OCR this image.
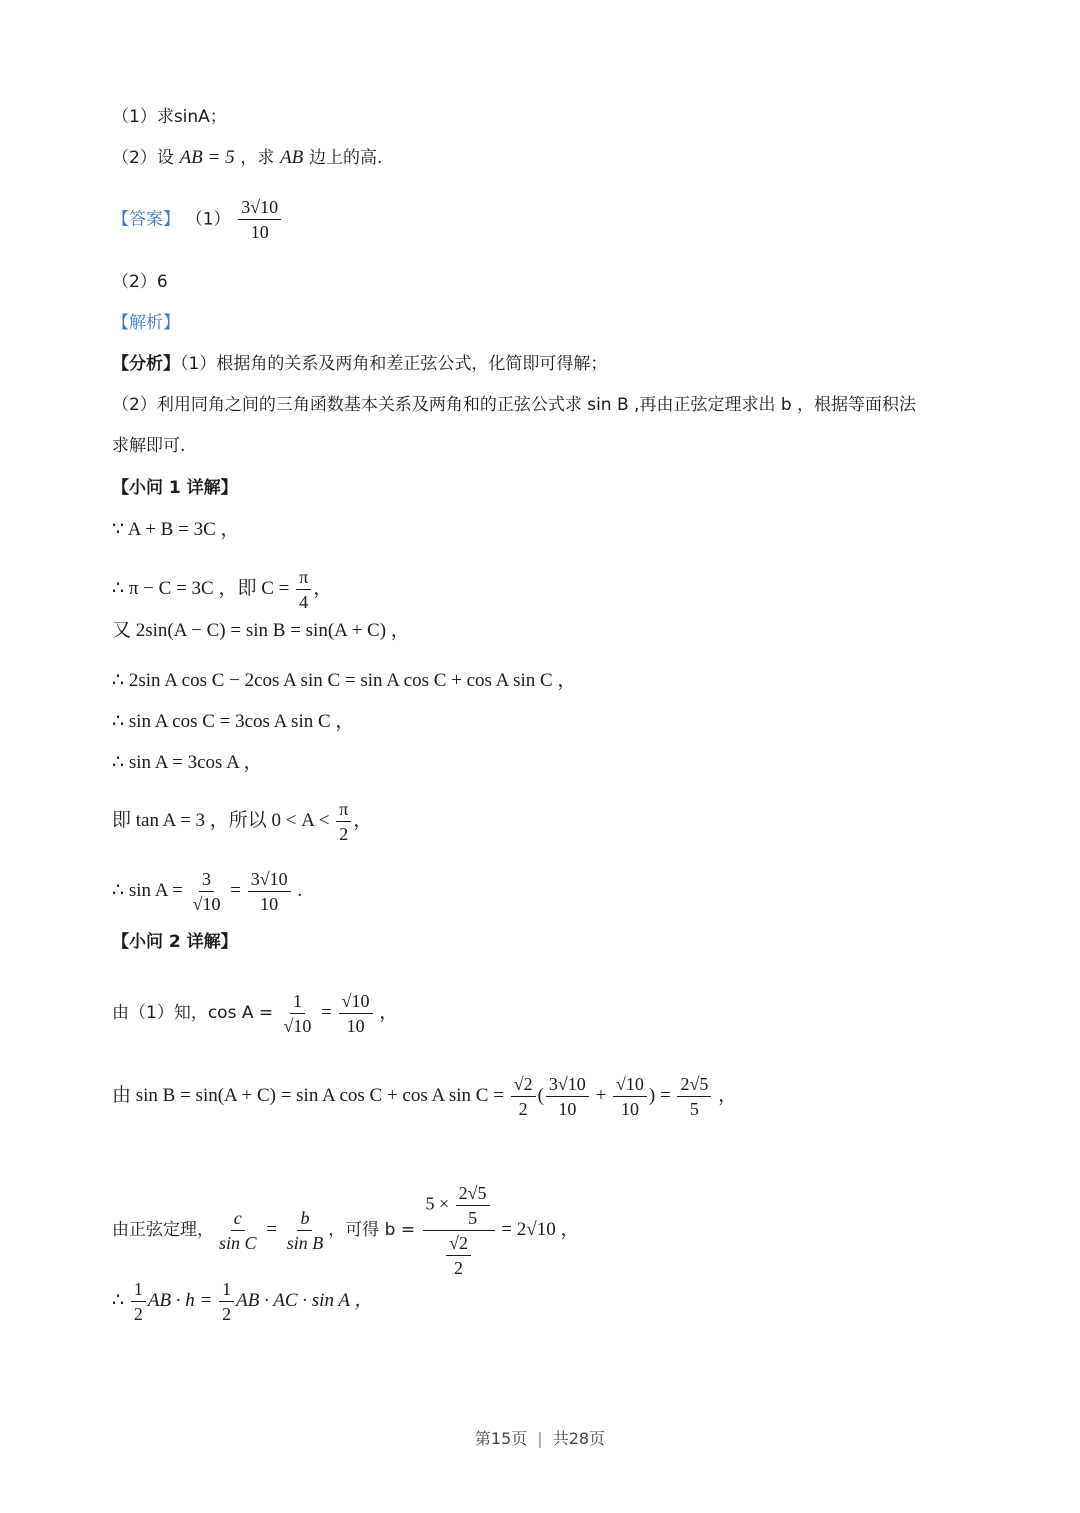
（1）求sinA；
（2）设 AB = 5 ，求 AB 边上的高.
【答案】 $(1) \frac{3√10}{10}$
（2）6
【解析】
【分析】（1）根据角的关系及两角和差正弦公式，化简即可得解；
（2）利用同角之间的三角函数基本关系及两角和的正弦公式求 sin B ,再由正弦定理求出 b ，根据等面积法
求解即可.
【小问 1 详解】
∵ A + B = 3C ，
∴ π − C = 3C ，即 $C = \frac{\pi}{4}$ ，
又 2sin(A − C) = sin B = sin(A + C) ，
∴ 2sin A cos C − 2cos A sin C = sin A cos C + cos A sin C ，
∴ sin A cos C = 3cos A sin C ，
∴ sin A = 3cos A ，
即 tan A = 3 ，所以 $0 < A < \frac{\pi}{2}$ ，
∴ $\sin A = \frac{3}{√10} = \frac{3√10}{10}$ .
【小问 2 详解】
由（1）知，$\cos A = \frac{1}{√10} = \frac{√10}{10}$ ，
由 sin B = sin(A + C) = sin A cos C + cos A $\sin C = \frac{√2}{2}$ ( $\frac{3√10}{10} + \frac{√10}{10}$ ) = $\frac{2√5}{5}$ ，
由正弦定理， $\frac{c}{\text{sin C}} = \frac{b}{\text{sin B}}$ ，可得 $b = \frac{5 \times \frac{2√5}{5}}{\frac{√2}{2}} = 2√10$ ，
∴ $\frac{1}{2}$ AB · $h = \frac{1}{2}$ AB · AC · sin A ，
第15页 | 共28页
